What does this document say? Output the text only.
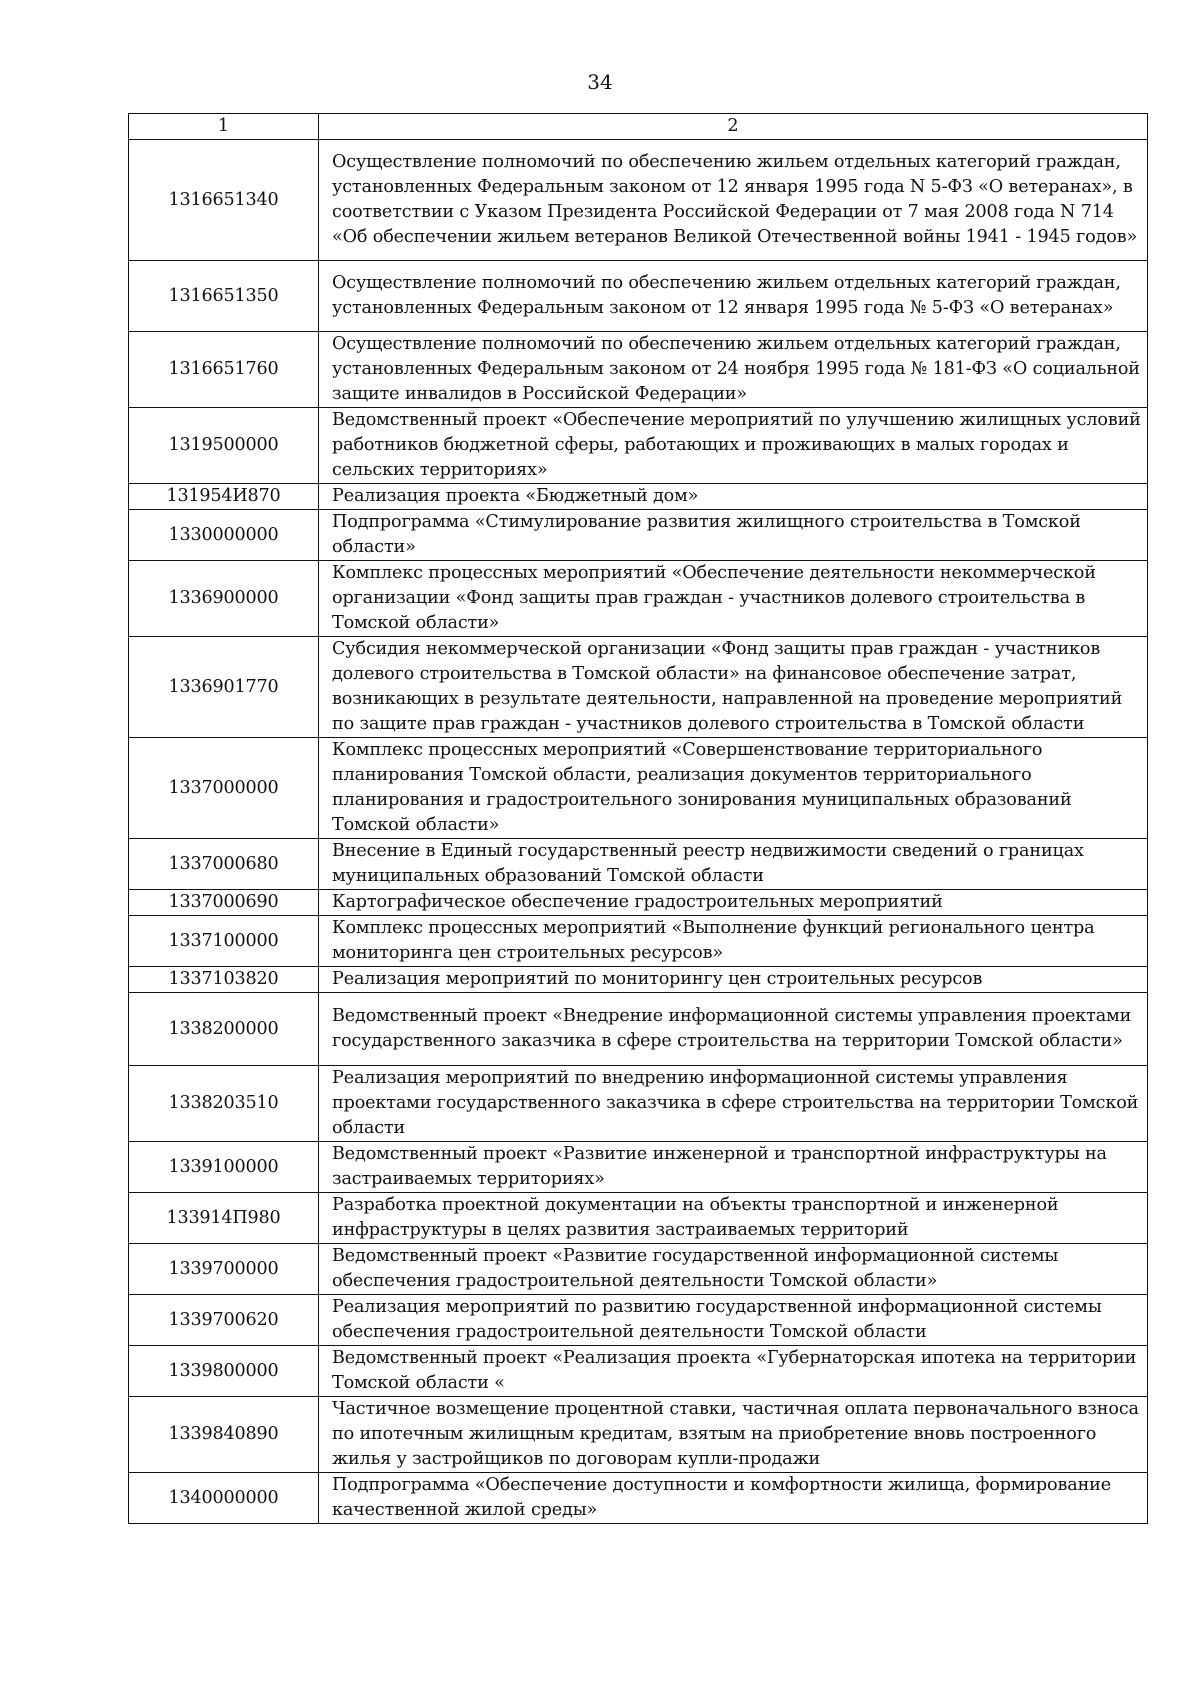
34
1	2
1316651340	Осуществление полномочий по обеспечению жильем отдельных категорий граждан, установленных Федеральным законом от 12 января 1995 года N 5-ФЗ «О ветеранах», в соответствии с Указом Президента Российской Федерации от 7 мая 2008 года N 714 «Об обеспечении жильем ветеранов Великой Отечественной войны 1941 - 1945 годов»
1316651350	Осуществление полномочий по обеспечению жильем отдельных категорий граждан, установленных Федеральным законом от 12 января 1995 года № 5-ФЗ «О ветеранах»
1316651760	Осуществление полномочий по обеспечению жильем отдельных категорий граждан, установленных Федеральным законом от 24 ноября 1995 года № 181-ФЗ «О социальной защите инвалидов в Российской Федерации»
1319500000	Ведомственный проект «Обеспечение мероприятий по улучшению жилищных условий работников бюджетной сферы, работающих и проживающих в малых городах и сельских территориях»
131954И870	Реализация проекта «Бюджетный дом»
1330000000	Подпрограмма «Стимулирование развития жилищного строительства в Томской области»
1336900000	Комплекс процессных мероприятий «Обеспечение деятельности некоммерческой организации «Фонд защиты прав граждан - участников долевого строительства в Томской области»
1336901770	Субсидия некоммерческой организации «Фонд защиты прав граждан - участников долевого строительства в Томской области» на финансовое обеспечение затрат, возникающих в результате деятельности, направленной на проведение мероприятий по защите прав граждан - участников долевого строительства в Томской области
1337000000	Комплекс процессных мероприятий «Совершенствование территориального планирования Томской области, реализация документов территориального планирования и градостроительного зонирования муниципальных образований Томской области»
1337000680	Внесение в Единый государственный реестр недвижимости сведений о границах муниципальных образований Томской области
1337000690	Картографическое обеспечение градостроительных мероприятий
1337100000	Комплекс процессных мероприятий «Выполнение функций регионального центра мониторинга цен строительных ресурсов»
1337103820	Реализация мероприятий по мониторингу цен строительных ресурсов
1338200000	Ведомственный проект «Внедрение информационной системы управления проектами государственного заказчика в сфере строительства на территории Томской области»
1338203510	Реализация мероприятий по внедрению информационной системы управления проектами государственного заказчика в сфере строительства на территории Томской области
1339100000	Ведомственный проект «Развитие инженерной и транспортной инфраструктуры на застраиваемых территориях»
133914П980	Разработка проектной документации на объекты транспортной и инженерной инфраструктуры в целях развития застраиваемых территорий
1339700000	Ведомственный проект «Развитие государственной информационной системы обеспечения градостроительной деятельности Томской области»
1339700620	Реализация мероприятий по развитию государственной информационной системы обеспечения градостроительной деятельности Томской области
1339800000	Ведомственный проект «Реализация проекта «Губернаторская ипотека на территории Томской области «
1339840890	Частичное возмещение процентной ставки, частичная оплата первоначального взноса по ипотечным жилищным кредитам, взятым на приобретение вновь построенного жилья у застройщиков по договорам купли-продажи
1340000000	Подпрограмма «Обеспечение доступности и комфортности жилища, формирование качественной жилой среды»
